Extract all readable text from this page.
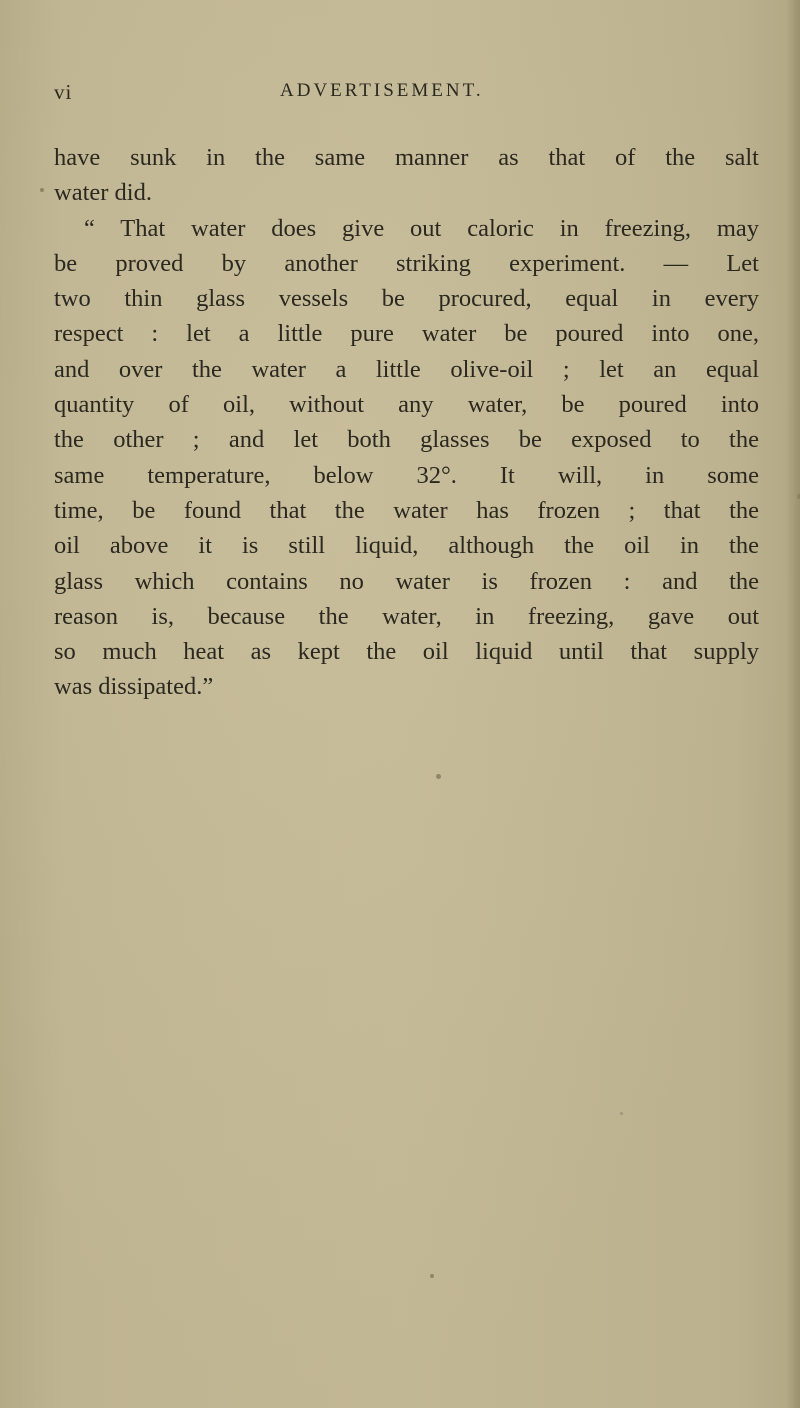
vi	ADVERTISEMENT.
have sunk in the same manner as that of the salt
water did.
“ That water does give out caloric in freezing, may
be proved by another striking experiment. — Let
two thin glass vessels be procured, equal in every
respect : let a little pure water be poured into one,
and over the water a little olive-oil ; let an equal
quantity of oil, without any water, be poured into
the other ; and let both glasses be exposed to the
same temperature, below 32°. It will, in some
time, be found that the water has frozen ; that the
oil above it is still liquid, although the oil in the
glass which contains no water is frozen : and the
reason is, because the water, in freezing, gave out
so much heat as kept the oil liquid until that supply
was dissipated.”
